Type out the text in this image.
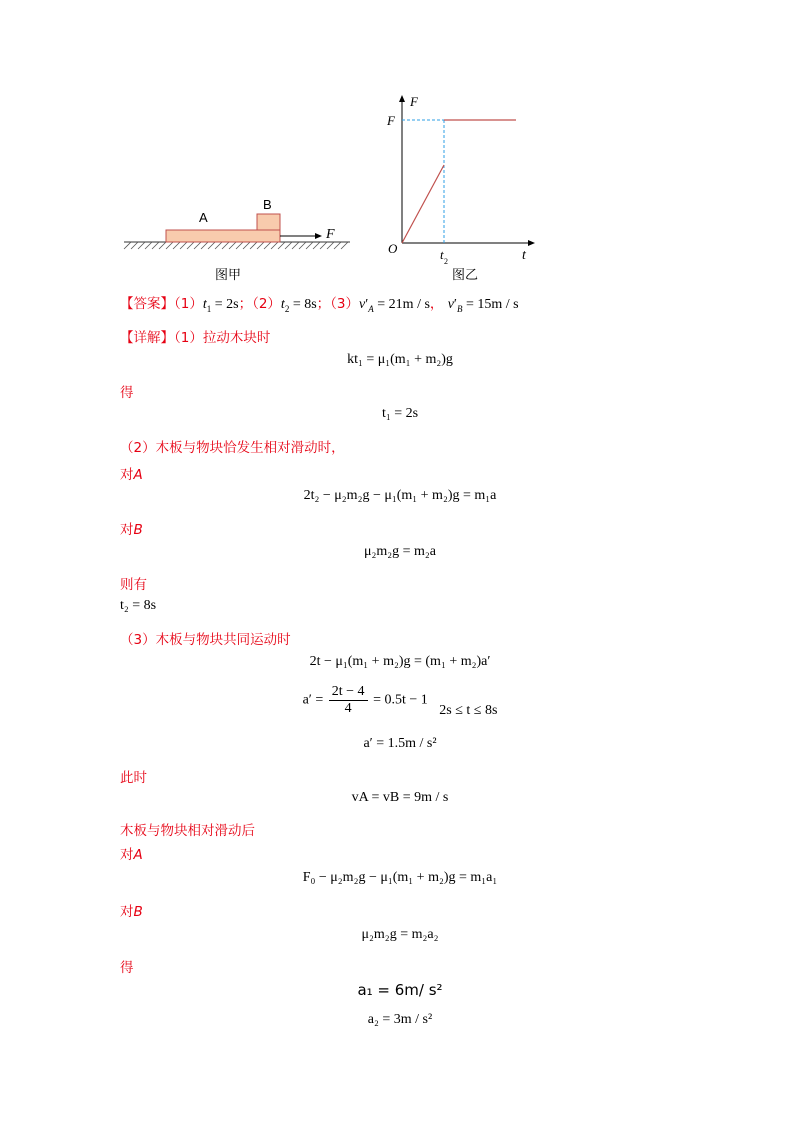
A
B
F
图甲
F
F
O	t 2	t
图乙
【答案】$(1)t_1 = 2s$；$(2)t_2 = 8s$；$(3)v'_A = 21m / s$， $v'_B = 15m / s$
【详解】（1）拉动木块时
kt₁ = μ₁(m₁ + m₂)g
得
t₁ = 2s
（2）木板与物块恰发生相对滑动时，
对A
2t₂ − μ₂m₂g − μ₁(m₁ + m₂)g = m₁a
对B
μ₂m₂g = m₂a
则有
t₂ = 8s
（3）木板与物块共同运动时
2t − μ₁(m₁ + m₂)g = (m₁ + m₂)a′
$a' = \frac{2t - 4}{4} = 0.5t - 1$ 2s ≤ t ≤ 8s
a′ = 1.5m / s²
此时
vA = vB = 9m / s
木板与物块相对滑动后
对A
F₀ − μ₂m₂g − μ₁(m₁ + m₂)g = m₁a₁
对B
μ₂m₂g = m₂a₂
得
a₁ = 6m/ s²
a₂ = 3m / s²
